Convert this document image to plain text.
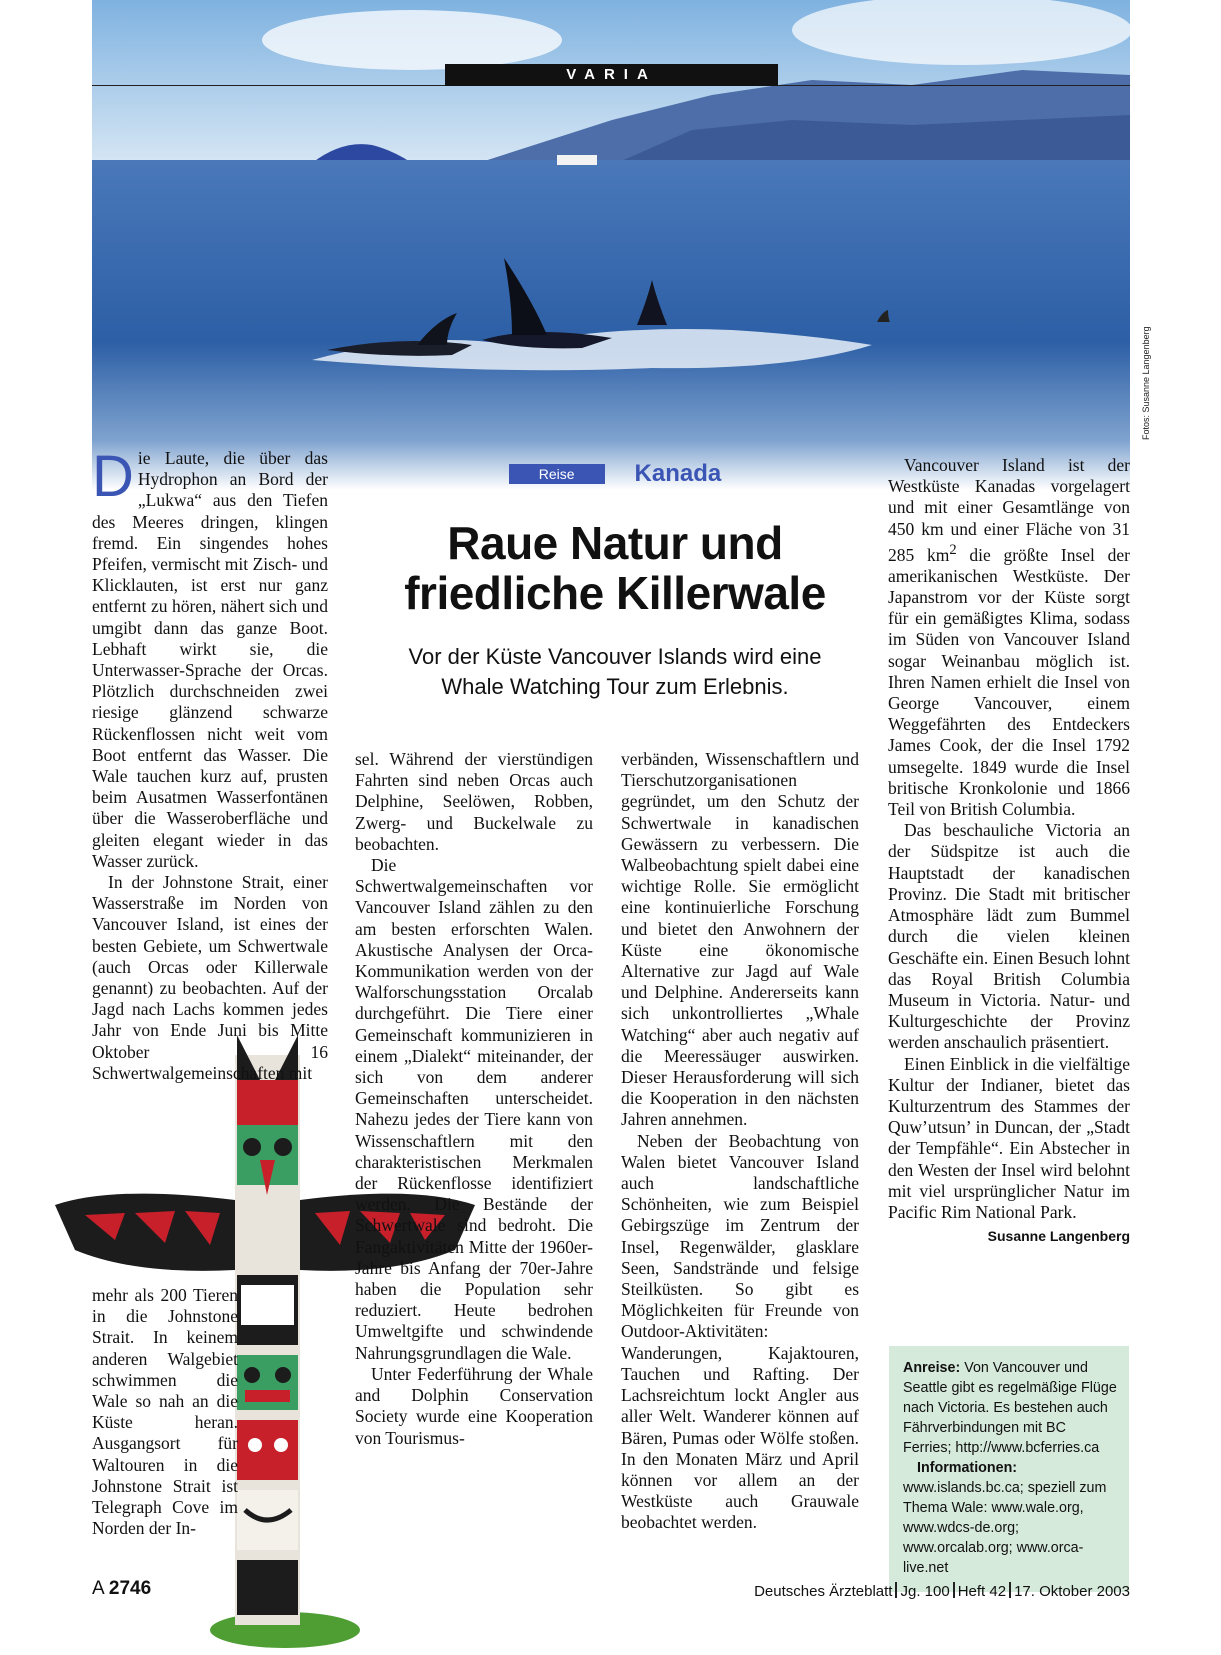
VARIA
Fotos: Susanne Langenberg
Reise	Kanada
Raue Natur und
friedliche Killerwale
Vor der Küste Vancouver Islands wird eine
Whale Watching Tour zum Erlebnis.

Die Laute, die über das Hydrophon an Bord der „Lukwa“ aus den Tiefen des Meeres dringen, klingen fremd. Ein singendes hohes Pfeifen, vermischt mit Zisch- und Klicklauten, ist erst nur ganz entfernt zu hören, nähert sich und umgibt dann das ganze Boot. Lebhaft wirkt sie, die Unterwasser-Sprache der Orcas. Plötzlich durchschneiden zwei riesige glänzend schwarze Rückenflossen nicht weit vom Boot entfernt das Wasser. Die Wale tauchen kurz auf, prusten beim Ausatmen Wasserfontänen über die Wasseroberfläche und gleiten elegant wieder in das Wasser zurück.

In der Johnstone Strait, einer Wasserstraße im Norden von Vancouver Island, ist eines der besten Gebiete, um Schwertwale (auch Orcas oder Killerwale genannt) zu beobachten. Auf der Jagd nach Lachs kommen jedes Jahr von Ende Juni bis Mitte Oktober 16 Schwertwalgemeinschaften mit

mehr als 200 Tieren in die Johnstone Strait. In keinem anderen Walgebiet schwimmen die Wale so nah an die Küste heran. Ausgangsort für Waltouren in die Johnstone Strait ist Telegraph Cove im Norden der In-

sel. Während der vierstündigen Fahrten sind neben Orcas auch Delphine, Seelöwen, Robben, Zwerg- und Buckelwale zu beobachten.

Die Schwertwalgemeinschaften vor Vancouver Island zählen zu den am besten erforschten Walen. Akustische Analysen der Orca-Kommunikation werden von der Walforschungsstation Orcalab durchgeführt. Die Tiere einer Gemeinschaft kommunizieren in einem „Dialekt“ miteinander, der sich von dem anderer Gemeinschaften unterscheidet. Nahezu jedes der Tiere kann von Wissenschaftlern mit den charakteristischen Merkmalen der Rückenflosse identifiziert werden. Die Bestände der Schwertwale sind bedroht. Die Fangaktivitäten Mitte der 1960er-Jahre bis Anfang der 70er-Jahre haben die Population sehr reduziert. Heute bedrohen Umweltgifte und schwindende Nahrungsgrundlagen die Wale.

Unter Federführung der Whale and Dolphin Conservation Society wurde eine Kooperation von Tourismus-

verbänden, Wissenschaftlern und Tierschutzorganisationen gegründet, um den Schutz der Schwertwale in kanadischen Gewässern zu verbessern. Die Walbeobachtung spielt dabei eine wichtige Rolle. Sie ermöglicht eine kontinuierliche Forschung und bietet den Anwohnern der Küste eine ökonomische Alternative zur Jagd auf Wale und Delphine. Andererseits kann sich unkontrolliertes „Whale Watching“ aber auch negativ auf die Meeressäuger auswirken. Dieser Herausforderung will sich die Kooperation in den nächsten Jahren annehmen.

Neben der Beobachtung von Walen bietet Vancouver Island auch landschaftliche Schönheiten, wie zum Beispiel Gebirgszüge im Zentrum der Insel, Regenwälder, glasklare Seen, Sandstrände und felsige Steilküsten. So gibt es Möglichkeiten für Freunde von Outdoor-Aktivitäten: Wanderungen, Kajaktouren, Tauchen und Rafting. Der Lachsreichtum lockt Angler aus aller Welt. Wanderer können auf Bären, Pumas oder Wölfe stoßen. In den Monaten März und April können vor allem an der Westküste auch Grauwale beobachtet werden.

Vancouver Island ist der Westküste Kanadas vorgelagert und mit einer Gesamtlänge von 450 km und einer Fläche von 31 285 $km^2$ die größte Insel der amerikanischen Westküste. Der Japanstrom vor der Küste sorgt für ein gemäßigtes Klima, sodass im Süden von Vancouver Island sogar Weinanbau möglich ist. Ihren Namen erhielt die Insel von George Vancouver, einem Weggefährten des Entdeckers James Cook, der die Insel 1792 umsegelte. 1849 wurde die Insel britische Kronkolonie und 1866 Teil von British Columbia.

Das beschauliche Victoria an der Südspitze ist auch die Hauptstadt der kanadischen Provinz. Die Stadt mit britischer Atmosphäre lädt zum Bummel durch die vielen kleinen Geschäfte ein. Einen Besuch lohnt das Royal British Columbia Museum in Victoria. Natur- und Kulturgeschichte der Provinz werden anschaulich präsentiert.

Einen Einblick in die vielfältige Kultur der Indianer, bietet das Kulturzentrum des Stammes der Quw’utsun’ in Duncan, der „Stadt der Tempfähle“. Ein Abstecher in den Westen der Insel wird belohnt mit viel ursprünglicher Natur im Pacific Rim National Park.
Susanne Langenberg

Anreise: Von Vancouver und Seattle gibt es regelmäßige Flüge nach Victoria. Es bestehen auch Fährverbindungen mit BC Ferries; http://www.bcferries.ca

Informationen: www.islands.bc.ca; speziell zum Thema Wale: www.wale.org, www.wdcs-de.org; www.orcalab.org; www.orca-live.net

A 2746	Deutsches Ärzteblatt Jg. 100 Heft 42 17. Oktober 2003
